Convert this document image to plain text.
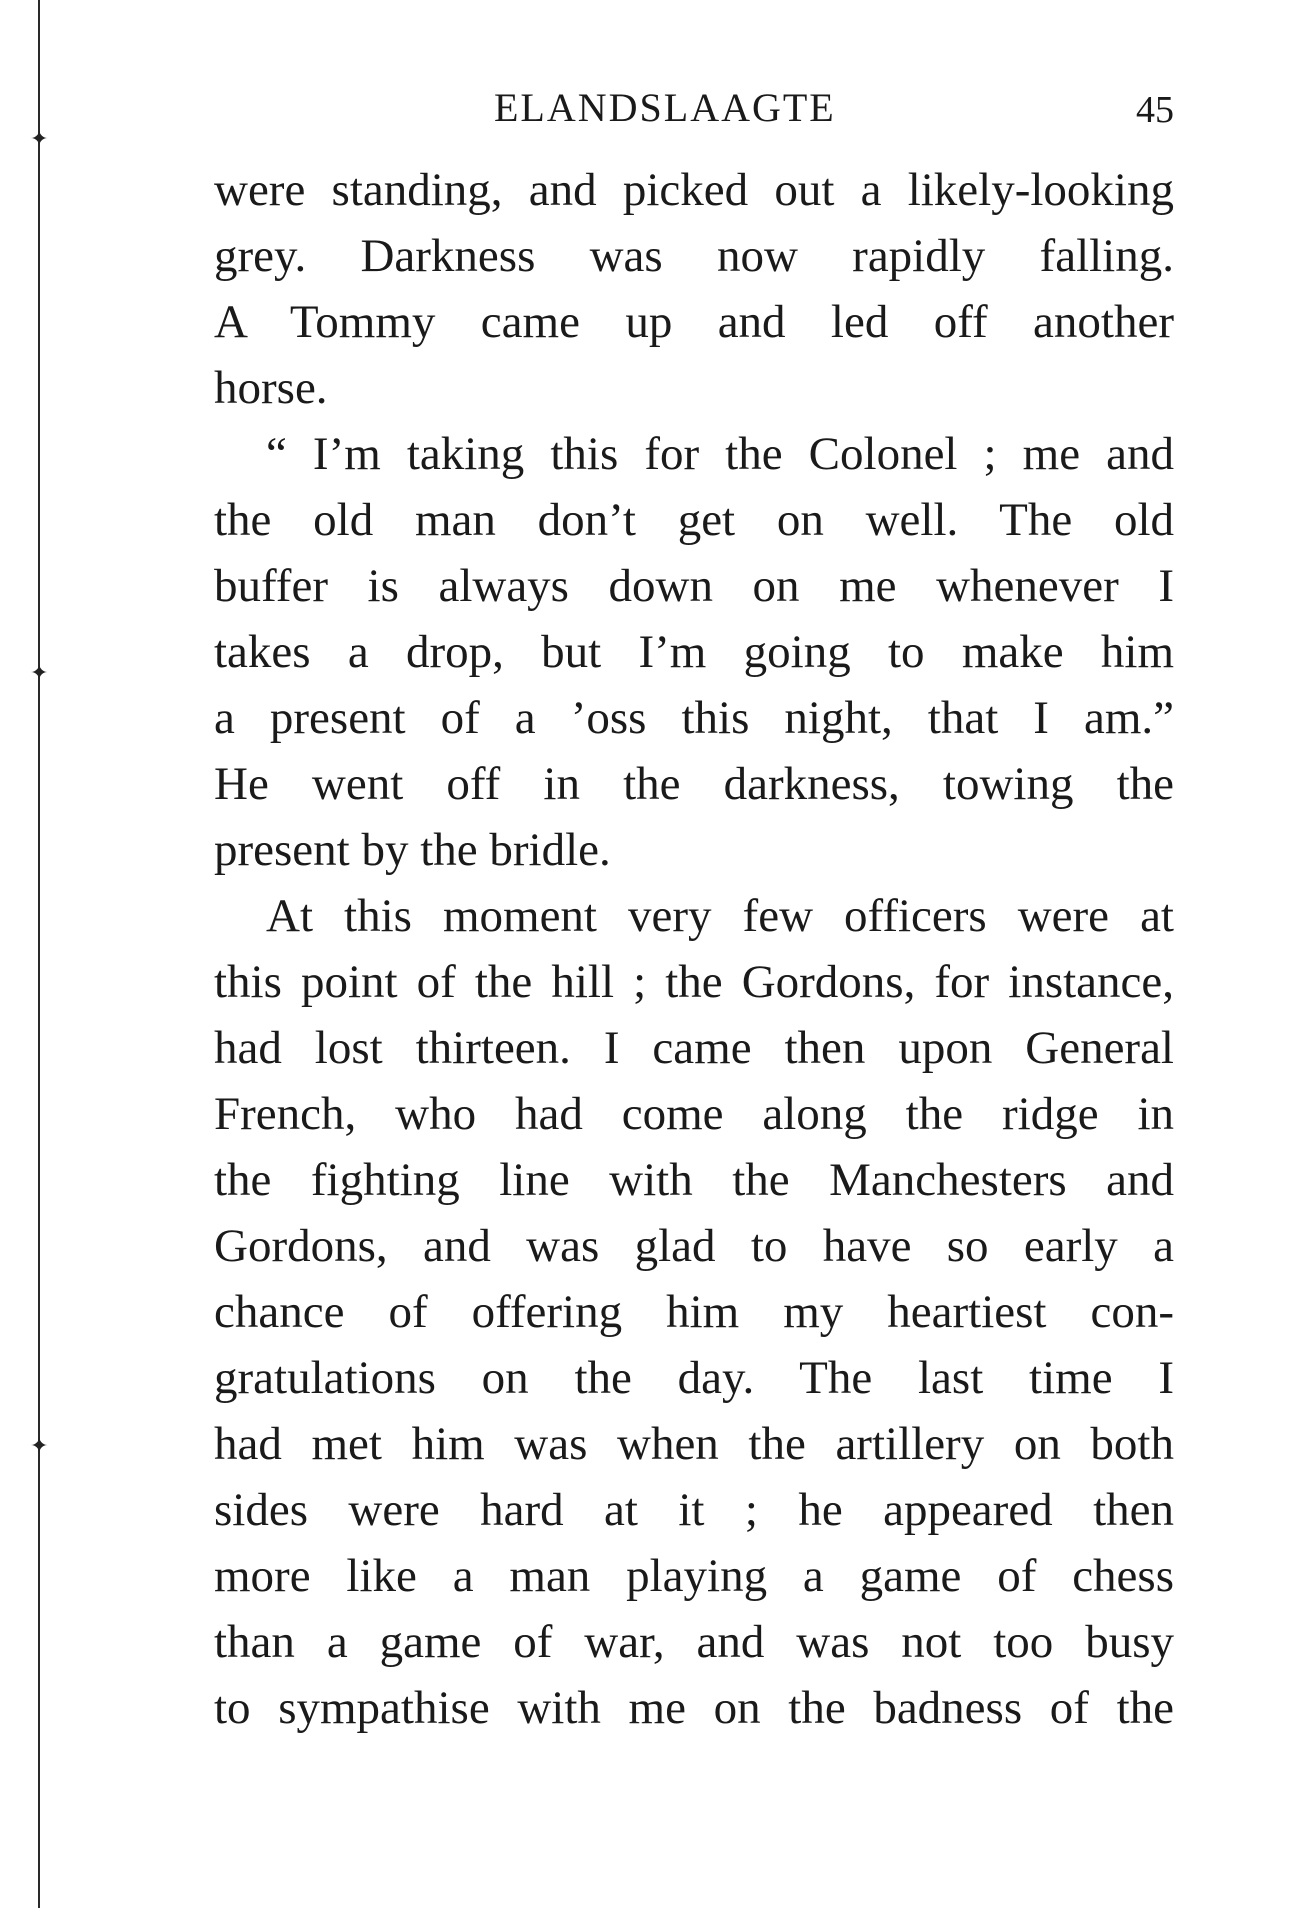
✦
✦
✦
ELANDSLAAGTE	45
were standing, and picked out a likely-looking
grey. Darkness was now rapidly falling.
A Tommy came up and led off another
horse.
“ I’m taking this for the Colonel ; me and
the old man don’t get on well. The old
buffer is always down on me whenever I
takes a drop, but I’m going to make him
a present of a ’oss this night, that I am.”
He went off in the darkness, towing the
present by the bridle.
At this moment very few officers were at
this point of the hill ; the Gordons, for instance,
had lost thirteen. I came then upon General
French, who had come along the ridge in
the fighting line with the Manchesters and
Gordons, and was glad to have so early a
chance of offering him my heartiest con-
gratulations on the day. The last time I
had met him was when the artillery on both
sides were hard at it ; he appeared then
more like a man playing a game of chess
than a game of war, and was not too busy
to sympathise with me on the badness of the
